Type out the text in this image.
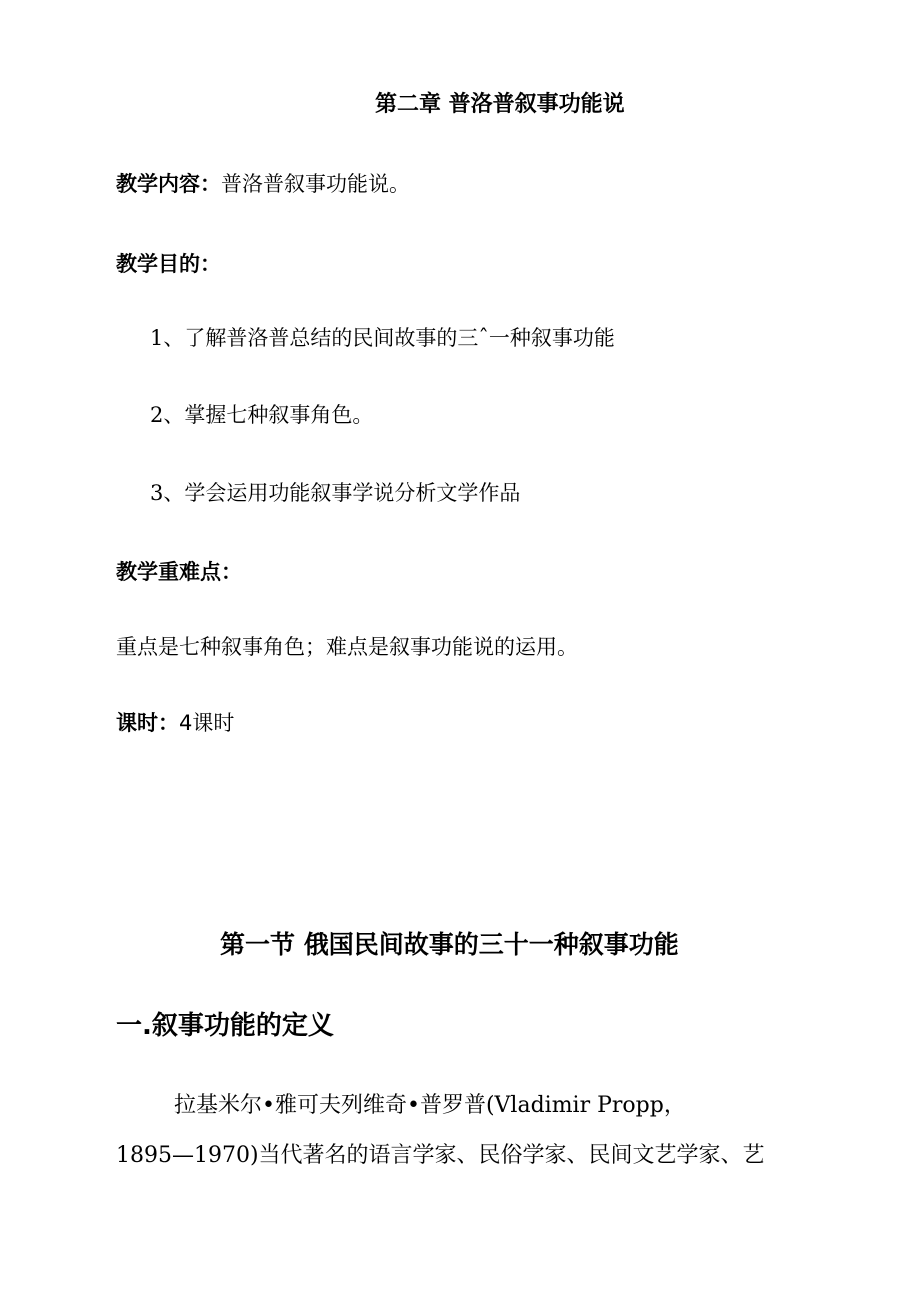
第二章 普洛普叙事功能说
教学内容：普洛普叙事功能说。
教学目的：
1、了解普洛普总结的民间故事的三ˆ一种叙事功能
2、掌握七种叙事角色。
3、学会运用功能叙事学说分析文学作品
教学重难点：
重点是七种叙事角色；难点是叙事功能说的运用。
课时：4课时
第一节 俄国民间故事的三十一种叙事功能
一.叙事功能的定义
拉基米尔•雅可夫列维奇•普罗普(Vladimir Propp，
1895—1970)当代著名的语言学家、民俗学家、民间文艺学家、艺
